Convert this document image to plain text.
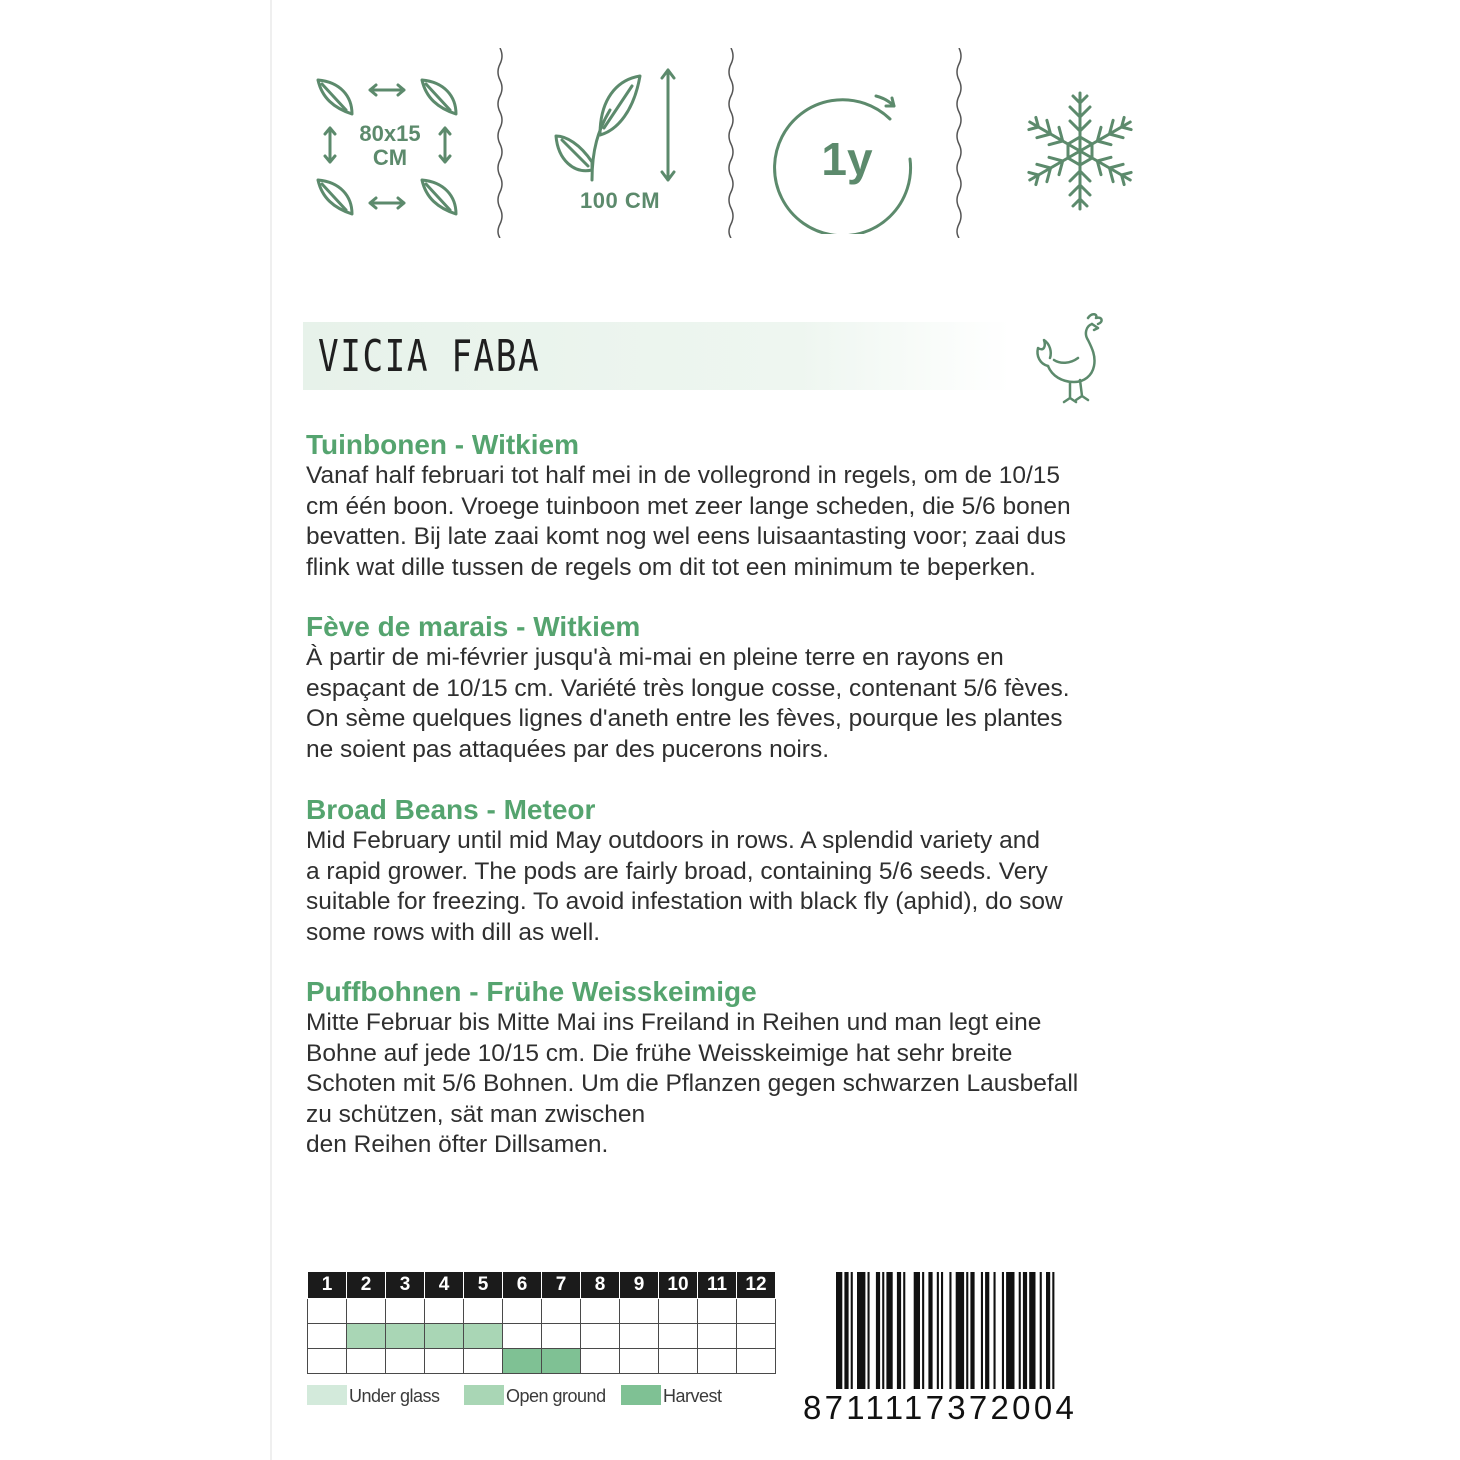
80x15
CM
100 CM
1y
VICIA FABA
Tuinbonen - Witkiem

Vanaf half februari tot half mei in de vollegrond in regels, om de 10/15
cm één boon. Vroege tuinboon met zeer lange scheden, die 5/6 bonen
bevatten. Bij late zaai komt nog wel eens luisaantasting voor; zaai dus
flink wat dille tussen de regels om dit tot een minimum te beperken.

Fève de marais - Witkiem

À partir de mi-février jusqu'à mi-mai en pleine terre en rayons en
espaçant de 10/15 cm. Variété très longue cosse, contenant 5/6 fèves.
On sème quelques lignes d'aneth entre les fèves, pourque les plantes
ne soient pas attaquées par des pucerons noirs.

Broad Beans - Meteor

Mid February until mid May outdoors in rows. A splendid variety and
a rapid grower. The pods are fairly broad, containing 5/6 seeds. Very
suitable for freezing. To avoid infestation with black fly (aphid), do sow
some rows with dill as well.

Puffbohnen - Frühe Weisskeimige

Mitte Februar bis Mitte Mai ins Freiland in Reihen und man legt eine
Bohne auf jede 10/15 cm. Die frühe Weisskeimige hat sehr breite
Schoten mit 5/6 Bohnen. Um die Pflanzen gegen schwarzen Lausbefall
zu schützen, sät man zwischen
den Reihen öfter Dillsamen.

1	2	3	4	5	6	7	8	9	10	11	12

Under glass	Open ground	Harvest 8711117372004
